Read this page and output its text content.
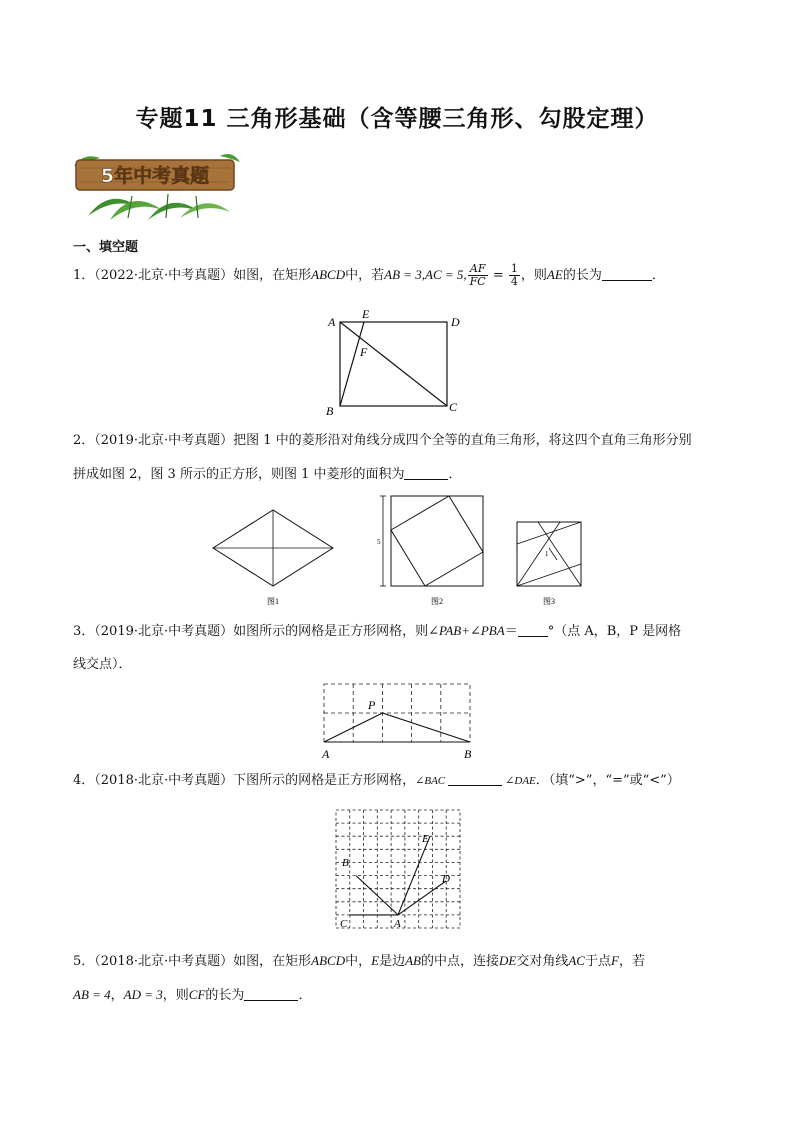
专题11 三角形基础（含等腰三角形、勾股定理）
5年中考真题
一、填空题
1．（2022·北京·中考真题）如图，在矩形ABCD中，若AB = 3,AC = 5, $\frac{AF}{FC} = \frac{1}{4}$ ，则AE的长为	．
A
E
D
F
B	C
2．（2019·北京·中考真题）把图 1 中的菱形沿对角线分成四个全等的直角三角形，将这四个直角三角形分别
拼成如图 2，图 3 所示的正方形，则图 1 中菱形的面积为	．
图1
5
图2
1
图3
3．（2019·北京·中考真题）如图所示的网格是正方形网格，则∠PAB+∠PBA＝ °（点 A，B，P 是网格
线交点）．
P
A	B
4．（2018·北京·中考真题）下图所示的网格是正方形网格，∠BAC	∠DAE．（填“>”，“=”或“<”）
B
C	A
E
D
5．（2018·北京·中考真题）如图，在矩形ABCD中，E是边AB的中点，连接DE交对角线AC于点F，若
AB = 4，AD = 3，则CF的长为	．
